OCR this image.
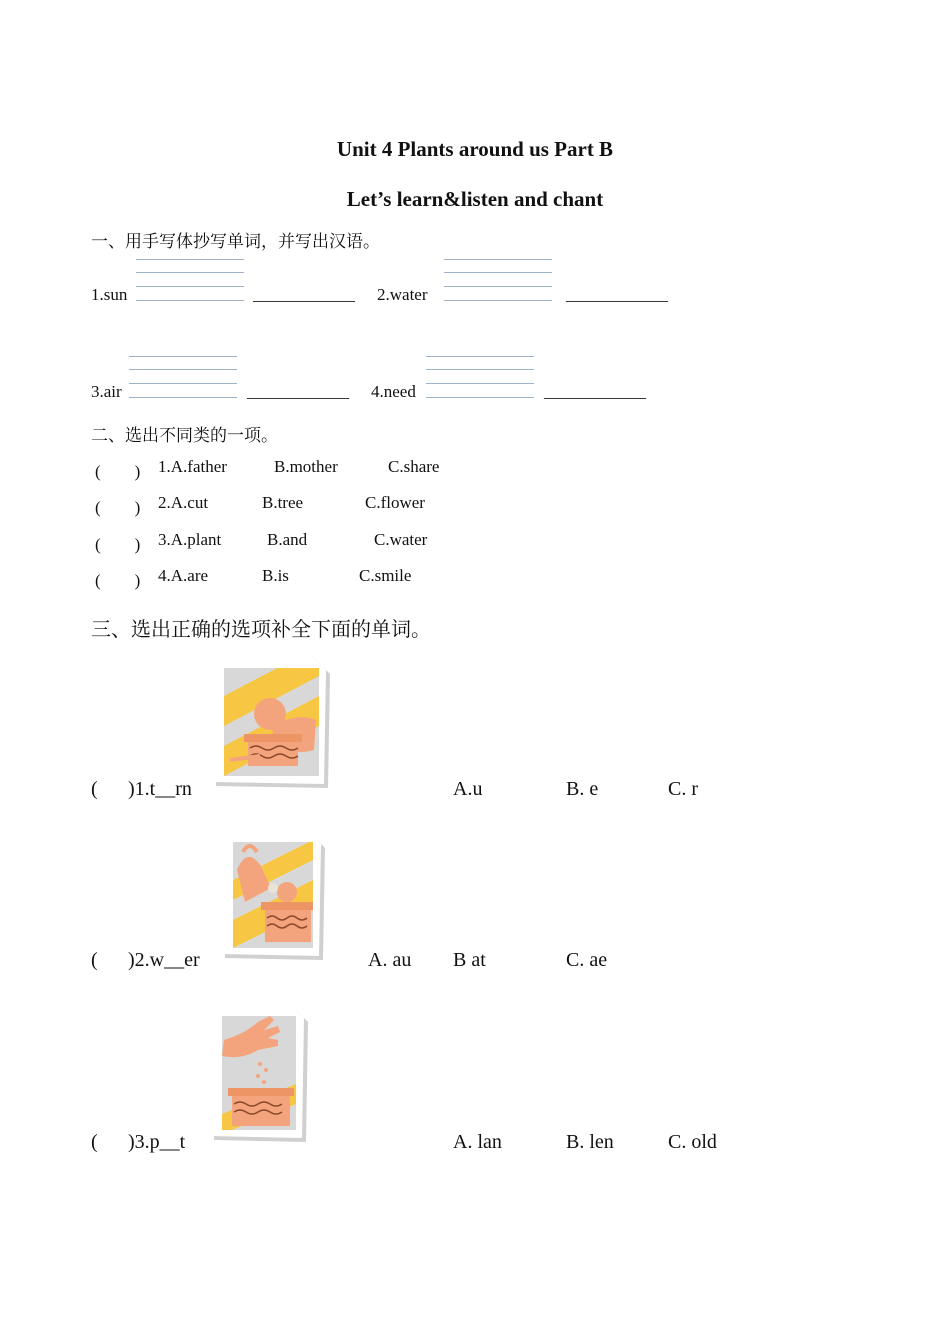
Unit 4 Plants around us Part B
Let’s learn&listen and chant
一、用手写体抄写单词，并写出汉语。
1.sun	____________ 2.water	____________
3.air	____________ 4.need	____________
二、选出不同类的一项。
(　　) 1.A.father	B.mother	C.share
(　　) 2.A.cut	B.tree	C.flower
(　　) 3.A.plant	B.and	C.water
(　　) 4.A.are	B.is	C.smile
三、选出正确的选项补全下面的单词。
( )1.t__rn	A.u	B. e	C. r
( )2.w__er	A. au B at	C. ae
( )3.p__t	A. lan	B. len	C. old
